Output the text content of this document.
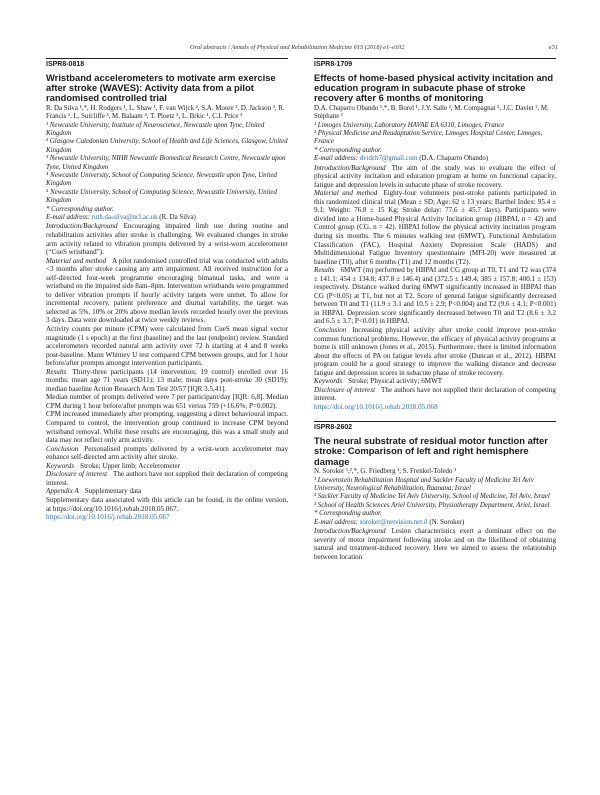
Oral abstracts / Annals of Physical and Rehabilitation Medicine 61S (2018) e1–e102	e31
ISPR8-0818
Wristband accelerometers to motivate arm exercise after stroke (WAVES): Activity data from a pilot randomised controlled trial
R. Da Silva ¹,*, H. Rodgers ¹, L. Shaw ¹, F. van Wijck ², S.A. Moore ³, D. Jackson ³, R. Francis ¹, L. Sutcliffe ³, M. Balaam ⁴, T. Ploetz ⁵, L. Brkic ¹, C.I. Price ¹
¹ Newcastle University, Institute of Neuroscience, Newcastle upon Tyne, United Kingdom
² Glasgow Caledonian University, School of Health and Life Sciences, Glasgow, United Kingdom
³ Newcastle University, NIHR Newcastle Biomedical Research Centre, Newcastle upon Tyne, United Kingdom
⁴ Newcastle University, School of Computing Science, Newcastle upon Tyne, United Kingdom
⁵ Newcastle University, School of Computing Science, Newcastle University, United Kingdom
* Corresponding author.
E-mail address: ruth.da-silva@ncl.ac.uk (R. Da Silva)

Introduction/Background Encouraging impaired limb use during routine and rehabilitation activities after stroke is challenging. We evaluated changes in stroke arm activity related to vibration prompts delivered by a wrist-worn accelerometer (“CueS wristband”).

Material and method A pilot randomised controlled trial was conducted with adults <3 months after stroke causing any arm impairment. All received instruction for a self-directed four-week programme encouraging bimanual tasks, and wore a wristband on the impaired side 8am–8pm. Intervention wristbands were programmed to deliver vibration prompts if hourly activity targets were unmet. To allow for incremental recovery, patient preference and diurnal variability, the target was selected as 5%, 10% or 20% above median levels recorded hourly over the previous 3 days. Data were downloaded at twice weekly reviews.

Activity counts per minute (CPM) were calculated from CueS mean signal vector magnitude (1 s epoch) at the first (baseline) and the last (endpoint) review. Standard accelerometers recorded natural arm activity over 72 h starting at 4 and 8 weeks post-baseline. Mann Whitney U test compared CPM between groups, and for 1 hour before/after prompts amongst intervention participants.

Results Thirty-three participants (14 intervention; 19 control) enrolled over 16 months: mean age 71 years (SD11); 13 male; mean days post-stroke 30 (SD19); median baseline Action Research Arm Test 20/57 [IQR 3.5,41].

Median number of prompts delivered were 7 per participant/day [IQR: 6,8]. Median CPM during 1 hour before/after prompts was 651 versus 759 (+16.6%; P=0.002).

CPM increased immediately after prompting, suggesting a direct behavioural impact. Compared to control, the intervention group continued to increase CPM beyond wristband removal. Whilst these results are encouraging, this was a small study and data may not reflect only arm activity.

Conclusion Personalised prompts delivered by a wrist-worn accelerometer may enhance self-directed arm activity after stroke.

Keywords Stroke; Upper limb; Accelerometer

Disclosure of interest The authors have not supplied their declaration of competing interest.

Appendix A Supplementary data

Supplementary data associated with this article can be found, in the online version, at https://doi.org/10.1016/j.rehab.2018.05.067.

https://doi.org/10.1016/j.rehab.2018.05.067

ISPR8-1709
Effects of home-based physical activity incitation and education program in subacute phase of stroke recovery after 6 months of monitoring
D.A. Chaparro Obando ¹,*, B. Borel ¹, J.Y. Salle ², M. Compagnat ², J.C. Daviet ², M. Stéphane ¹
¹ Limoges University, Laboratory HAVAE EA 6310, Limoges, France
² Physical Medicine and Readaptation Service, Limoges Hospital Center, Limoges, France
* Corresponding author.
E-mail address: dvidch7@gmail.com (D.A. Chaparro Obando)

Introduction/Background The aim of the study was to evaluate the effect of physical activity incitation and education program at home on functional capacity, fatigue and depression levels in subacute phase of stroke recovery.

Material and method Eighty-four volunteers post-stroke patients participated in this randomized clinical trial (Mean ± SD; Age: 62 ± 13 years; Barthel Index: 95.4 ± 9.1; Weight: 76.8 ± 15 Kg; Stroke delay: 77.6 ± 45.7 days). Participants were divided into a Home-based Physical Activity Incitation group (HBPAI, n = 42) and Control group (CG, n = 42). HBPAI follow the physical activity incitation program during six months. The 6 minutes walking test (6MWT), Functional Ambulation Classification (FAC), Hospital Anxiety Depression Scale (HADS) and Multidimensional Fatigue Inventory questionnaire (MFI-20) were measured at baseline (T0), after 6 months (T1) and 12 months (T2).

Results 6MWT (m) performed by HBPAI and CG group at T0, T1 and T2 was (374 ± 141.1; 454 ± 134.8; 437.8 ± 146.4) and (372.5 ± 149.4; 385 ± 157.8; 400.1 ± 153) respectively. Distance walked during 6MWT significantly increased in HBPAI than CG (P<0.05) at T1, but not at T2. Score of general fatigue significantly decreased between T0 and T1 (11.9 ± 3.1 and 10.5 ± 2.9; P<0.004) and T2 (9.6 ± 4.1; P<0.001) in HBPAI. Depression score significantly decreased between T0 and T2 (8.6 ± 3.2 and 6.5 ± 3.7; P<0.01) in HBPAI.

Conclusion Increasing physical activity after stroke could improve post-stroke common functional problems. However, the efficacy of physical activity programs at home is still unknown (Jones et al., 2015). Furthermore, there is limited information about the effects of PA on fatigue levels after stroke (Duncan et al., 2012). HBPAI program could be a good strategy to improve the walking distance and decrease fatigue and depression scores in subacute phase of stroke recovery.

Keywords Stroke; Physical activity; 6MWT

Disclosure of interest The authors have not supplied their declaration of competing interest.

https://doi.org/10.1016/j.rehab.2018.05.068

ISPR8-2602
The neural substrate of residual motor function after stroke: Comparison of left and right hemisphere damage
N. Soroker ¹,²,*, G. Friedberg ¹, S. Frenkel-Toledo ³
¹ Loewenstein Rehabilitation Hospital and Sackler Faculty of Medicine Tel Aviv University, Neurological Rehabilitation, Raanana, Israel
² Sackler Faculty of Medicine Tel Aviv University, School of Medicine, Tel Aviv, Israel
³ School of Health Sciences Ariel University, Physiotherapy Department, Ariel, Israel
* Corresponding author.
E-mail address: soroker@netvision.net.il (N. Soroker)

Introduction/Background Lesion characteristics exert a dominant effect on the severity of motor impairment following stroke and on the likelihood of obtaining natural and treatment-induced recovery. Here we aimed to assess the relationship between location
